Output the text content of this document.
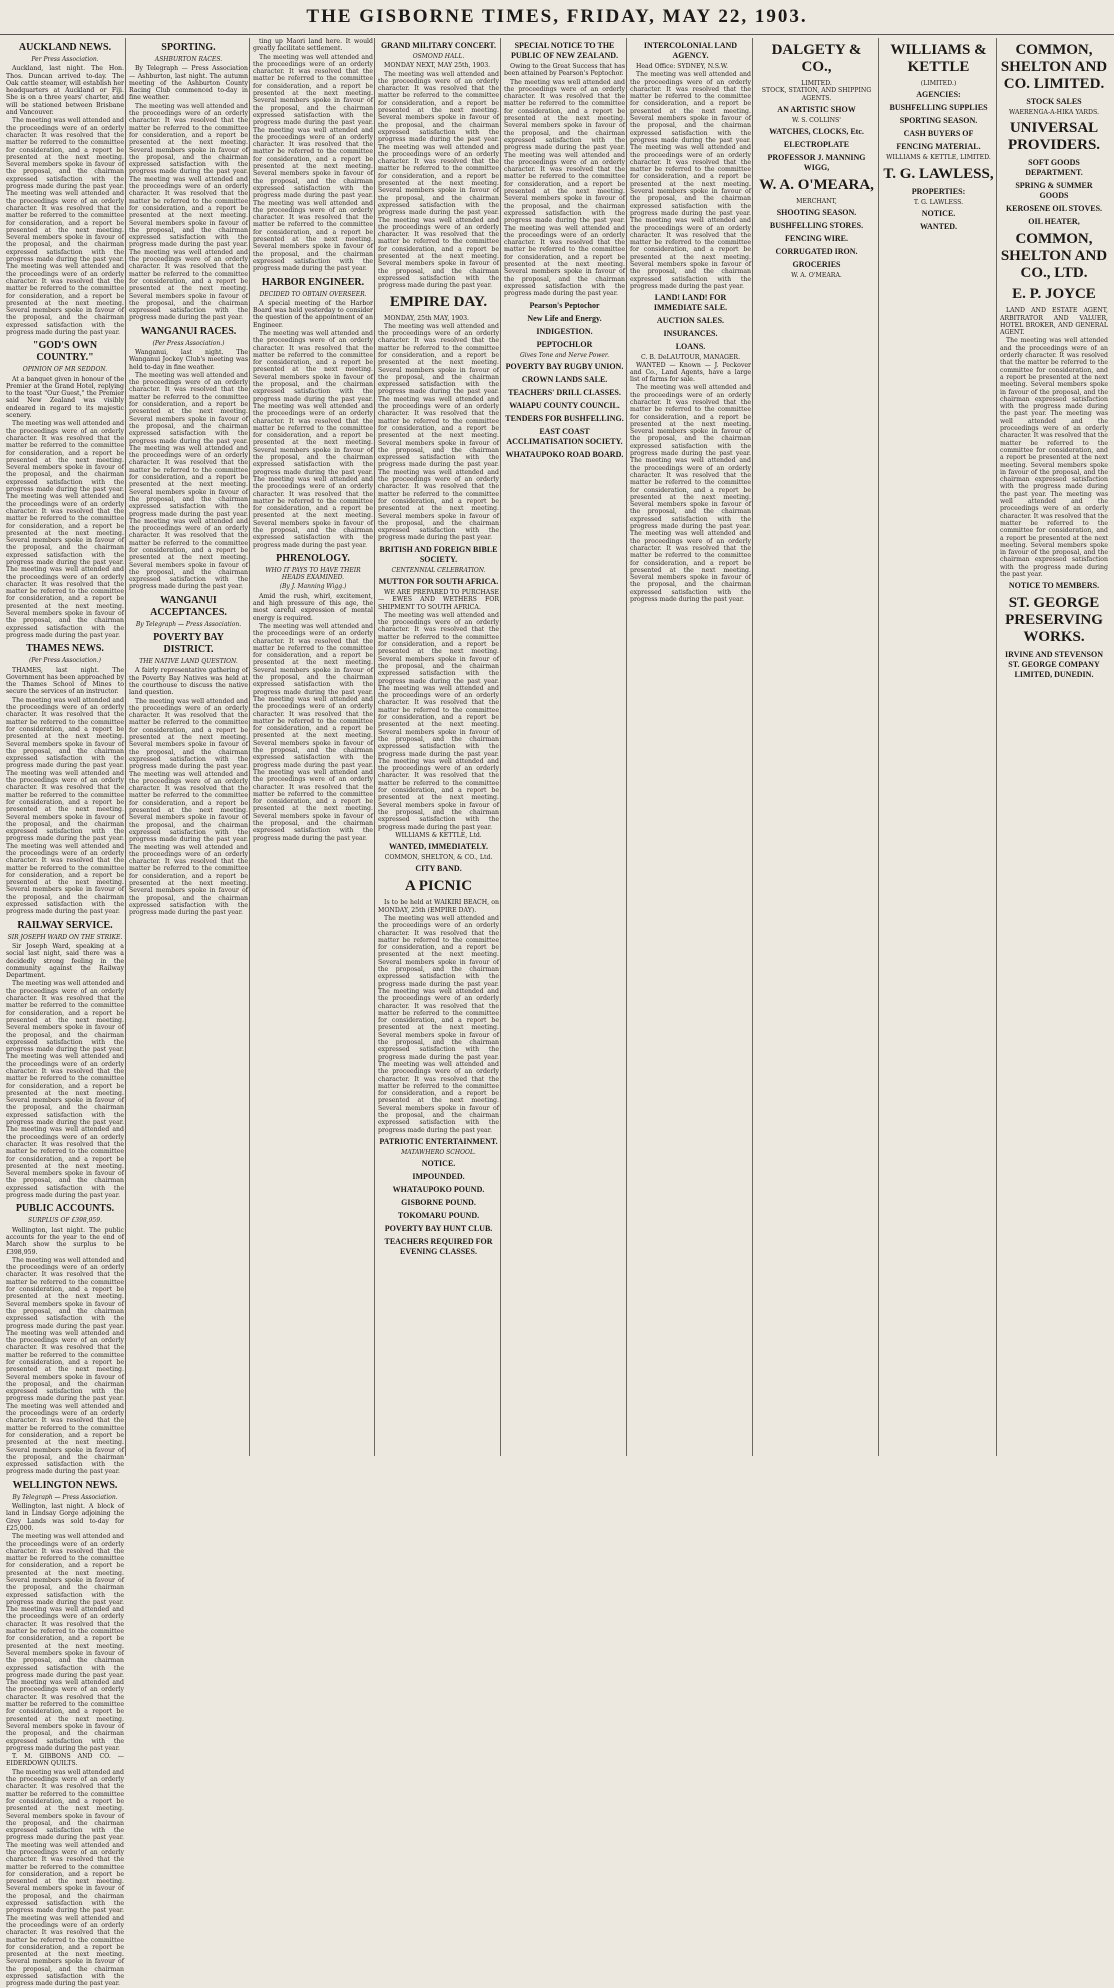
THE GISBORNE TIMES, FRIDAY, MAY 22, 1903.
AUCKLAND NEWS.
Per Press Association.
Auckland, last night. The Hon. Thos. Duncan arrived to-day. The Oak cattle steamer, will establish her headquarters at Auckland or Fiji. She is on a three years' charter, and will be stationed between Brisbane and Vancouver.
The meeting was well attended and the proceedings were of an orderly character. It was resolved that the matter be referred to the committee for consideration, and a report be presented at the next meeting. Several members spoke in favour of the proposal, and the chairman expressed satisfaction with the progress made during the past year. The meeting was well attended and the proceedings were of an orderly character. It was resolved that the matter be referred to the committee for consideration, and a report be presented at the next meeting. Several members spoke in favour of the proposal, and the chairman expressed satisfaction with the progress made during the past year. The meeting was well attended and the proceedings were of an orderly character. It was resolved that the matter be referred to the committee for consideration, and a report be presented at the next meeting. Several members spoke in favour of the proposal, and the chairman expressed satisfaction with the progress made during the past year.
"GOD'S OWN COUNTRY."
OPINION OF MR SEDDON.
At a banquet given in honour of the Premier at the Grand Hotel, replying to the toast "Our Guest," the Premier said New Zealand was visibly endeared in regard to its majestic scenery.
The meeting was well attended and the proceedings were of an orderly character. It was resolved that the matter be referred to the committee for consideration, and a report be presented at the next meeting. Several members spoke in favour of the proposal, and the chairman expressed satisfaction with the progress made during the past year. The meeting was well attended and the proceedings were of an orderly character. It was resolved that the matter be referred to the committee for consideration, and a report be presented at the next meeting. Several members spoke in favour of the proposal, and the chairman expressed satisfaction with the progress made during the past year. The meeting was well attended and the proceedings were of an orderly character. It was resolved that the matter be referred to the committee for consideration, and a report be presented at the next meeting. Several members spoke in favour of the proposal, and the chairman expressed satisfaction with the progress made during the past year.
THAMES NEWS.
(Per Press Association.)
THAMES, last night. The Government has been approached by the Thames School of Mines to secure the services of an instructor.
The meeting was well attended and the proceedings were of an orderly character. It was resolved that the matter be referred to the committee for consideration, and a report be presented at the next meeting. Several members spoke in favour of the proposal, and the chairman expressed satisfaction with the progress made during the past year. The meeting was well attended and the proceedings were of an orderly character. It was resolved that the matter be referred to the committee for consideration, and a report be presented at the next meeting. Several members spoke in favour of the proposal, and the chairman expressed satisfaction with the progress made during the past year. The meeting was well attended and the proceedings were of an orderly character. It was resolved that the matter be referred to the committee for consideration, and a report be presented at the next meeting. Several members spoke in favour of the proposal, and the chairman expressed satisfaction with the progress made during the past year.
RAILWAY SERVICE.
SIR JOSEPH WARD ON THE STRIKE.
Sir Joseph Ward, speaking at a social last night, said there was a decidedly strong feeling in the community against the Railway Department.
The meeting was well attended and the proceedings were of an orderly character. It was resolved that the matter be referred to the committee for consideration, and a report be presented at the next meeting. Several members spoke in favour of the proposal, and the chairman expressed satisfaction with the progress made during the past year. The meeting was well attended and the proceedings were of an orderly character. It was resolved that the matter be referred to the committee for consideration, and a report be presented at the next meeting. Several members spoke in favour of the proposal, and the chairman expressed satisfaction with the progress made during the past year. The meeting was well attended and the proceedings were of an orderly character. It was resolved that the matter be referred to the committee for consideration, and a report be presented at the next meeting. Several members spoke in favour of the proposal, and the chairman expressed satisfaction with the progress made during the past year.
PUBLIC ACCOUNTS.
SURPLUS OF £398,959.
Wellington, last night. The public accounts for the year to the end of March show the surplus to be £398,959.
The meeting was well attended and the proceedings were of an orderly character. It was resolved that the matter be referred to the committee for consideration, and a report be presented at the next meeting. Several members spoke in favour of the proposal, and the chairman expressed satisfaction with the progress made during the past year. The meeting was well attended and the proceedings were of an orderly character. It was resolved that the matter be referred to the committee for consideration, and a report be presented at the next meeting. Several members spoke in favour of the proposal, and the chairman expressed satisfaction with the progress made during the past year. The meeting was well attended and the proceedings were of an orderly character. It was resolved that the matter be referred to the committee for consideration, and a report be presented at the next meeting. Several members spoke in favour of the proposal, and the chairman expressed satisfaction with the progress made during the past year.
WELLINGTON NEWS.
By Telegraph — Press Association.
Wellington, last night. A block of land in Lindsay Gorge adjoining the Grey Lands was sold to-day for £25,000.
The meeting was well attended and the proceedings were of an orderly character. It was resolved that the matter be referred to the committee for consideration, and a report be presented at the next meeting. Several members spoke in favour of the proposal, and the chairman expressed satisfaction with the progress made during the past year. The meeting was well attended and the proceedings were of an orderly character. It was resolved that the matter be referred to the committee for consideration, and a report be presented at the next meeting. Several members spoke in favour of the proposal, and the chairman expressed satisfaction with the progress made during the past year. The meeting was well attended and the proceedings were of an orderly character. It was resolved that the matter be referred to the committee for consideration, and a report be presented at the next meeting. Several members spoke in favour of the proposal, and the chairman expressed satisfaction with the progress made during the past year.
T. M. GIBBONS AND CO. — EIDERDOWN QUILTS.
The meeting was well attended and the proceedings were of an orderly character. It was resolved that the matter be referred to the committee for consideration, and a report be presented at the next meeting. Several members spoke in favour of the proposal, and the chairman expressed satisfaction with the progress made during the past year. The meeting was well attended and the proceedings were of an orderly character. It was resolved that the matter be referred to the committee for consideration, and a report be presented at the next meeting. Several members spoke in favour of the proposal, and the chairman expressed satisfaction with the progress made during the past year. The meeting was well attended and the proceedings were of an orderly character. It was resolved that the matter be referred to the committee for consideration, and a report be presented at the next meeting. Several members spoke in favour of the proposal, and the chairman expressed satisfaction with the progress made during the past year.
SPORTING.
ASHBURTON RACES.
By Telegraph — Press Association — Ashburton, last night. The autumn meeting of the Ashburton County Racing Club commenced to-day in fine weather.
The meeting was well attended and the proceedings were of an orderly character. It was resolved that the matter be referred to the committee for consideration, and a report be presented at the next meeting. Several members spoke in favour of the proposal, and the chairman expressed satisfaction with the progress made during the past year. The meeting was well attended and the proceedings were of an orderly character. It was resolved that the matter be referred to the committee for consideration, and a report be presented at the next meeting. Several members spoke in favour of the proposal, and the chairman expressed satisfaction with the progress made during the past year. The meeting was well attended and the proceedings were of an orderly character. It was resolved that the matter be referred to the committee for consideration, and a report be presented at the next meeting. Several members spoke in favour of the proposal, and the chairman expressed satisfaction with the progress made during the past year.
WANGANUI RACES.
(Per Press Association.)
Wanganui, last night. The Wanganui Jockey Club's meeting was held to-day in fine weather.
The meeting was well attended and the proceedings were of an orderly character. It was resolved that the matter be referred to the committee for consideration, and a report be presented at the next meeting. Several members spoke in favour of the proposal, and the chairman expressed satisfaction with the progress made during the past year. The meeting was well attended and the proceedings were of an orderly character. It was resolved that the matter be referred to the committee for consideration, and a report be presented at the next meeting. Several members spoke in favour of the proposal, and the chairman expressed satisfaction with the progress made during the past year. The meeting was well attended and the proceedings were of an orderly character. It was resolved that the matter be referred to the committee for consideration, and a report be presented at the next meeting. Several members spoke in favour of the proposal, and the chairman expressed satisfaction with the progress made during the past year.
WANGANUI ACCEPTANCES.
By Telegraph — Press Association.
POVERTY BAY DISTRICT.
THE NATIVE LAND QUESTION.
A fairly representative gathering of the Poverty Bay Natives was held at the courthouse to discuss the native land question.
The meeting was well attended and the proceedings were of an orderly character. It was resolved that the matter be referred to the committee for consideration, and a report be presented at the next meeting. Several members spoke in favour of the proposal, and the chairman expressed satisfaction with the progress made during the past year. The meeting was well attended and the proceedings were of an orderly character. It was resolved that the matter be referred to the committee for consideration, and a report be presented at the next meeting. Several members spoke in favour of the proposal, and the chairman expressed satisfaction with the progress made during the past year. The meeting was well attended and the proceedings were of an orderly character. It was resolved that the matter be referred to the committee for consideration, and a report be presented at the next meeting. Several members spoke in favour of the proposal, and the chairman expressed satisfaction with the progress made during the past year.
ting up Maori land here. It would greatly facilitate settlement.
The meeting was well attended and the proceedings were of an orderly character. It was resolved that the matter be referred to the committee for consideration, and a report be presented at the next meeting. Several members spoke in favour of the proposal, and the chairman expressed satisfaction with the progress made during the past year. The meeting was well attended and the proceedings were of an orderly character. It was resolved that the matter be referred to the committee for consideration, and a report be presented at the next meeting. Several members spoke in favour of the proposal, and the chairman expressed satisfaction with the progress made during the past year. The meeting was well attended and the proceedings were of an orderly character. It was resolved that the matter be referred to the committee for consideration, and a report be presented at the next meeting. Several members spoke in favour of the proposal, and the chairman expressed satisfaction with the progress made during the past year.
HARBOR ENGINEER.
DECIDED TO OBTAIN OVERSEER.
A special meeting of the Harbor Board was held yesterday to consider the question of the appointment of an Engineer.
The meeting was well attended and the proceedings were of an orderly character. It was resolved that the matter be referred to the committee for consideration, and a report be presented at the next meeting. Several members spoke in favour of the proposal, and the chairman expressed satisfaction with the progress made during the past year. The meeting was well attended and the proceedings were of an orderly character. It was resolved that the matter be referred to the committee for consideration, and a report be presented at the next meeting. Several members spoke in favour of the proposal, and the chairman expressed satisfaction with the progress made during the past year. The meeting was well attended and the proceedings were of an orderly character. It was resolved that the matter be referred to the committee for consideration, and a report be presented at the next meeting. Several members spoke in favour of the proposal, and the chairman expressed satisfaction with the progress made during the past year.
PHRENOLOGY.
WHO IT PAYS TO HAVE THEIR HEADS EXAMINED.
(By J. Manning Wigg.)
Amid the rush, whirl, excitement, and high pressure of this age, the most careful expression of mental energy is required.
The meeting was well attended and the proceedings were of an orderly character. It was resolved that the matter be referred to the committee for consideration, and a report be presented at the next meeting. Several members spoke in favour of the proposal, and the chairman expressed satisfaction with the progress made during the past year. The meeting was well attended and the proceedings were of an orderly character. It was resolved that the matter be referred to the committee for consideration, and a report be presented at the next meeting. Several members spoke in favour of the proposal, and the chairman expressed satisfaction with the progress made during the past year. The meeting was well attended and the proceedings were of an orderly character. It was resolved that the matter be referred to the committee for consideration, and a report be presented at the next meeting. Several members spoke in favour of the proposal, and the chairman expressed satisfaction with the progress made during the past year.
GRAND MILITARY CONCERT.
OSMOND HALL.
MONDAY NEXT, MAY 25th, 1903.
The meeting was well attended and the proceedings were of an orderly character. It was resolved that the matter be referred to the committee for consideration, and a report be presented at the next meeting. Several members spoke in favour of the proposal, and the chairman expressed satisfaction with the progress made during the past year. The meeting was well attended and the proceedings were of an orderly character. It was resolved that the matter be referred to the committee for consideration, and a report be presented at the next meeting. Several members spoke in favour of the proposal, and the chairman expressed satisfaction with the progress made during the past year. The meeting was well attended and the proceedings were of an orderly character. It was resolved that the matter be referred to the committee for consideration, and a report be presented at the next meeting. Several members spoke in favour of the proposal, and the chairman expressed satisfaction with the progress made during the past year.
EMPIRE DAY.
MONDAY, 25th MAY, 1903.
The meeting was well attended and the proceedings were of an orderly character. It was resolved that the matter be referred to the committee for consideration, and a report be presented at the next meeting. Several members spoke in favour of the proposal, and the chairman expressed satisfaction with the progress made during the past year. The meeting was well attended and the proceedings were of an orderly character. It was resolved that the matter be referred to the committee for consideration, and a report be presented at the next meeting. Several members spoke in favour of the proposal, and the chairman expressed satisfaction with the progress made during the past year. The meeting was well attended and the proceedings were of an orderly character. It was resolved that the matter be referred to the committee for consideration, and a report be presented at the next meeting. Several members spoke in favour of the proposal, and the chairman expressed satisfaction with the progress made during the past year.
BRITISH AND FOREIGN BIBLE SOCIETY.
CENTENNIAL CELEBRATION.
MUTTON FOR SOUTH AFRICA.
WE ARE PREPARED TO PURCHASE — EWES AND WETHERS FOR SHIPMENT TO SOUTH AFRICA.
The meeting was well attended and the proceedings were of an orderly character. It was resolved that the matter be referred to the committee for consideration, and a report be presented at the next meeting. Several members spoke in favour of the proposal, and the chairman expressed satisfaction with the progress made during the past year. The meeting was well attended and the proceedings were of an orderly character. It was resolved that the matter be referred to the committee for consideration, and a report be presented at the next meeting. Several members spoke in favour of the proposal, and the chairman expressed satisfaction with the progress made during the past year. The meeting was well attended and the proceedings were of an orderly character. It was resolved that the matter be referred to the committee for consideration, and a report be presented at the next meeting. Several members spoke in favour of the proposal, and the chairman expressed satisfaction with the progress made during the past year.
WILLIAMS & KETTLE, Ltd.
WANTED, IMMEDIATELY.
COMMON, SHELTON, & CO., Ltd.
CITY BAND.
A PICNIC
Is to be held at WAIKIRI BEACH, on MONDAY, 25th (EMPIRE DAY).
The meeting was well attended and the proceedings were of an orderly character. It was resolved that the matter be referred to the committee for consideration, and a report be presented at the next meeting. Several members spoke in favour of the proposal, and the chairman expressed satisfaction with the progress made during the past year. The meeting was well attended and the proceedings were of an orderly character. It was resolved that the matter be referred to the committee for consideration, and a report be presented at the next meeting. Several members spoke in favour of the proposal, and the chairman expressed satisfaction with the progress made during the past year. The meeting was well attended and the proceedings were of an orderly character. It was resolved that the matter be referred to the committee for consideration, and a report be presented at the next meeting. Several members spoke in favour of the proposal, and the chairman expressed satisfaction with the progress made during the past year.
PATRIOTIC ENTERTAINMENT.
MATAWHERO SCHOOL.
NOTICE.
IMPOUNDED.
WHATAUPOKO POUND.
GISBORNE POUND.
TOKOMARU POUND.
POVERTY BAY HUNT CLUB.
TEACHERS REQUIRED FOR EVENING CLASSES.
SPECIAL NOTICE TO THE PUBLIC OF NEW ZEALAND.
Owing to the Great Success that has been attained by Pearson's Peptochor.
The meeting was well attended and the proceedings were of an orderly character. It was resolved that the matter be referred to the committee for consideration, and a report be presented at the next meeting. Several members spoke in favour of the proposal, and the chairman expressed satisfaction with the progress made during the past year. The meeting was well attended and the proceedings were of an orderly character. It was resolved that the matter be referred to the committee for consideration, and a report be presented at the next meeting. Several members spoke in favour of the proposal, and the chairman expressed satisfaction with the progress made during the past year. The meeting was well attended and the proceedings were of an orderly character. It was resolved that the matter be referred to the committee for consideration, and a report be presented at the next meeting. Several members spoke in favour of the proposal, and the chairman expressed satisfaction with the progress made during the past year.
Pearson's Peptochor
New Life and Energy.
INDIGESTION.
PEPTOCHLOR
Gives Tone and Nerve Power.
POVERTY BAY RUGBY UNION.
CROWN LANDS SALE.
TEACHERS' DRILL CLASSES.
WAIAPU COUNTY COUNCIL.
TENDERS FOR BUSHFELLING.
EAST COAST ACCLIMATISATION SOCIETY.
WHATAUPOKO ROAD BOARD.
INTERCOLONIAL LAND AGENCY.
Head Office: SYDNEY, N.S.W.
The meeting was well attended and the proceedings were of an orderly character. It was resolved that the matter be referred to the committee for consideration, and a report be presented at the next meeting. Several members spoke in favour of the proposal, and the chairman expressed satisfaction with the progress made during the past year. The meeting was well attended and the proceedings were of an orderly character. It was resolved that the matter be referred to the committee for consideration, and a report be presented at the next meeting. Several members spoke in favour of the proposal, and the chairman expressed satisfaction with the progress made during the past year. The meeting was well attended and the proceedings were of an orderly character. It was resolved that the matter be referred to the committee for consideration, and a report be presented at the next meeting. Several members spoke in favour of the proposal, and the chairman expressed satisfaction with the progress made during the past year.
LAND! LAND! FOR IMMEDIATE SALE.
AUCTION SALES.
INSURANCES.
LOANS.
C. B. DeLAUTOUR, MANAGER.
WANTED — Known — J. Peckover and Co., Land Agents, have a large list of farms for sale.
The meeting was well attended and the proceedings were of an orderly character. It was resolved that the matter be referred to the committee for consideration, and a report be presented at the next meeting. Several members spoke in favour of the proposal, and the chairman expressed satisfaction with the progress made during the past year. The meeting was well attended and the proceedings were of an orderly character. It was resolved that the matter be referred to the committee for consideration, and a report be presented at the next meeting. Several members spoke in favour of the proposal, and the chairman expressed satisfaction with the progress made during the past year. The meeting was well attended and the proceedings were of an orderly character. It was resolved that the matter be referred to the committee for consideration, and a report be presented at the next meeting. Several members spoke in favour of the proposal, and the chairman expressed satisfaction with the progress made during the past year.
DALGETY & CO.,
LIMITED.
STOCK, STATION, AND SHIPPING AGENTS.
AN ARTISTIC SHOW
W. S. COLLINS'
WATCHES, CLOCKS, Etc.
ELECTROPLATE
PROFESSOR J. MANNING WIGG,
W. A. O'MEARA,
MERCHANT,
SHOOTING SEASON.
BUSHFELLING STORES.
FENCING WIRE.
CORRUGATED IRON.
GROCERIES
W. A. O'MEARA.
WILLIAMS & KETTLE
(LIMITED.)
AGENCIES:
BUSHFELLING SUPPLIES
SPORTING SEASON.
CASH BUYERS OF
FENCING MATERIAL.
WILLIAMS & KETTLE, LIMITED.
T. G. LAWLESS,
PROPERTIES:
T. G. LAWLESS.
NOTICE.
WANTED.
COMMON, SHELTON AND CO. LIMITED.
STOCK SALES
WAERENGA-A-HIKA YARDS.
UNIVERSAL PROVIDERS.
SOFT GOODS DEPARTMENT.
SPRING & SUMMER GOODS
KEROSENE OIL STOVES.
OIL HEATER,
COMMON, SHELTON AND CO., LTD.
E. P. JOYCE
LAND AND ESTATE AGENT, ARBITRATOR AND VALUER, HOTEL BROKER, AND GENERAL AGENT.
The meeting was well attended and the proceedings were of an orderly character. It was resolved that the matter be referred to the committee for consideration, and a report be presented at the next meeting. Several members spoke in favour of the proposal, and the chairman expressed satisfaction with the progress made during the past year. The meeting was well attended and the proceedings were of an orderly character. It was resolved that the matter be referred to the committee for consideration, and a report be presented at the next meeting. Several members spoke in favour of the proposal, and the chairman expressed satisfaction with the progress made during the past year. The meeting was well attended and the proceedings were of an orderly character. It was resolved that the matter be referred to the committee for consideration, and a report be presented at the next meeting. Several members spoke in favour of the proposal, and the chairman expressed satisfaction with the progress made during the past year.
NOTICE TO MEMBERS.
ST. GEORGE PRESERVING WORKS.
IRVINE AND STEVENSON ST. GEORGE COMPANY LIMITED, DUNEDIN.
